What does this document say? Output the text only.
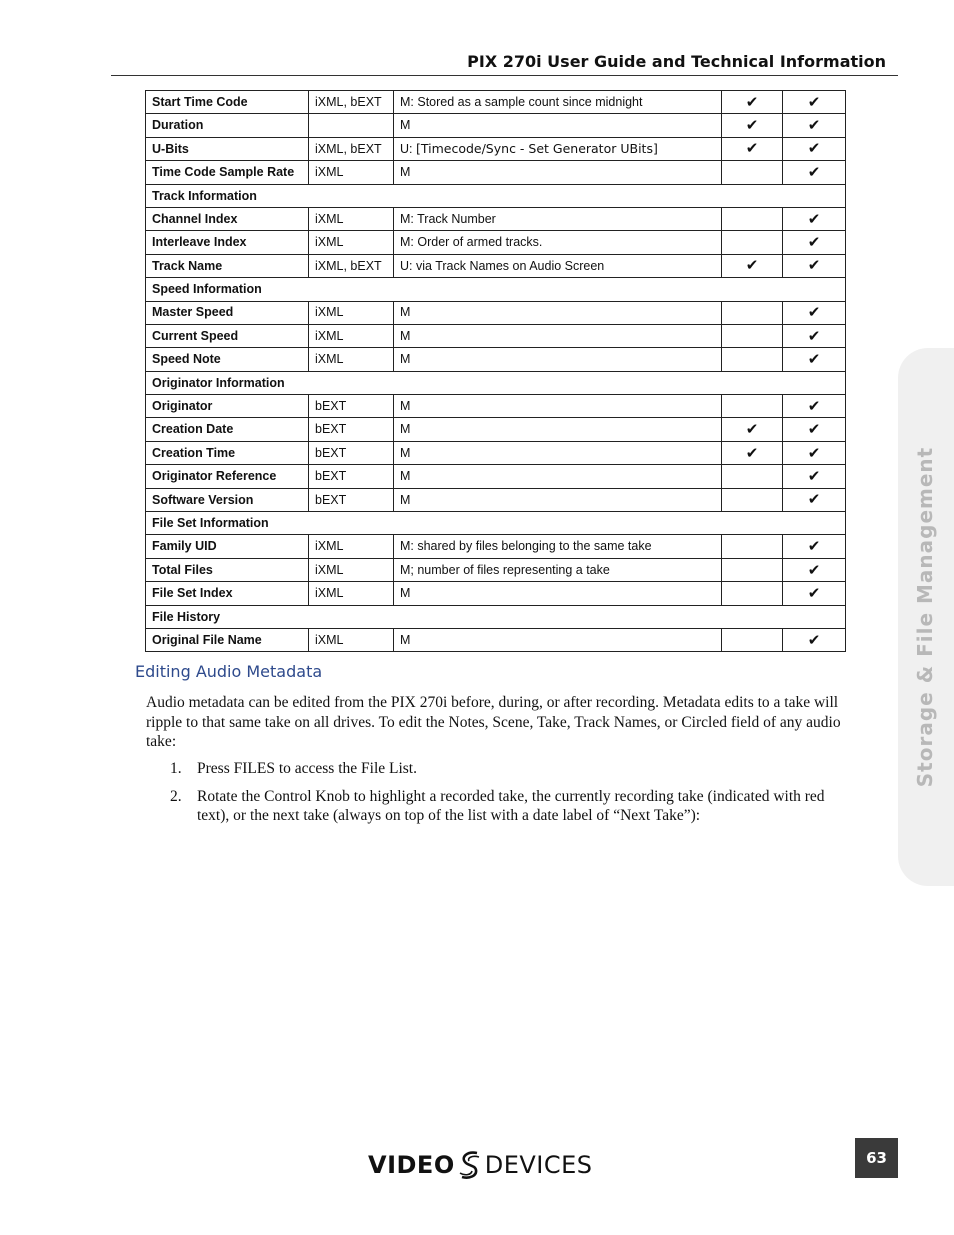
PIX 270i User Guide and Technical Information
Start Time Code	iXML, bEXT	M: Stored as a sample count since midnight	✔	✔
Duration		M	✔	✔
U-Bits	iXML, bEXT	U: [Timecode/Sync - Set Generator UBits]	✔	✔
Time Code Sample Rate	iXML	M		✔
Track Information				
Channel Index	iXML	M: Track Number		✔
Interleave Index	iXML	M: Order of armed tracks.		✔
Track Name	iXML, bEXT	U: via Track Names on Audio Screen	✔	✔
Speed Information				
Master Speed	iXML	M		✔
Current Speed	iXML	M		✔
Speed Note	iXML	M		✔
Originator Information				
Originator	bEXT	M		✔
Creation Date	bEXT	M	✔	✔
Creation Time	bEXT	M	✔	✔
Originator Reference	bEXT	M		✔
Software Version	bEXT	M		✔
File Set Information				
Family UID	iXML	M: shared by files belonging to the same take		✔
Total Files	iXML	M; number of files representing a take		✔
File Set Index	iXML	M		✔
File History				
Original File Name	iXML	M		✔
Editing Audio Metadata
Audio metadata can be edited from the PIX 270i before, during, or after recording. Metadata edits to a take will ripple to that same take on all drives. To edit the Notes, Scene, Take, Track Names, or Circled field of any audio take:
1. Press FILES to access the File List.
2. Rotate the Control Knob to highlight a recorded take, the currently recording take (indicated with red text), or the next take (always on top of the list with a date label of “Next Take”):
Storage & File Management
VIDEO DEVICES	63
